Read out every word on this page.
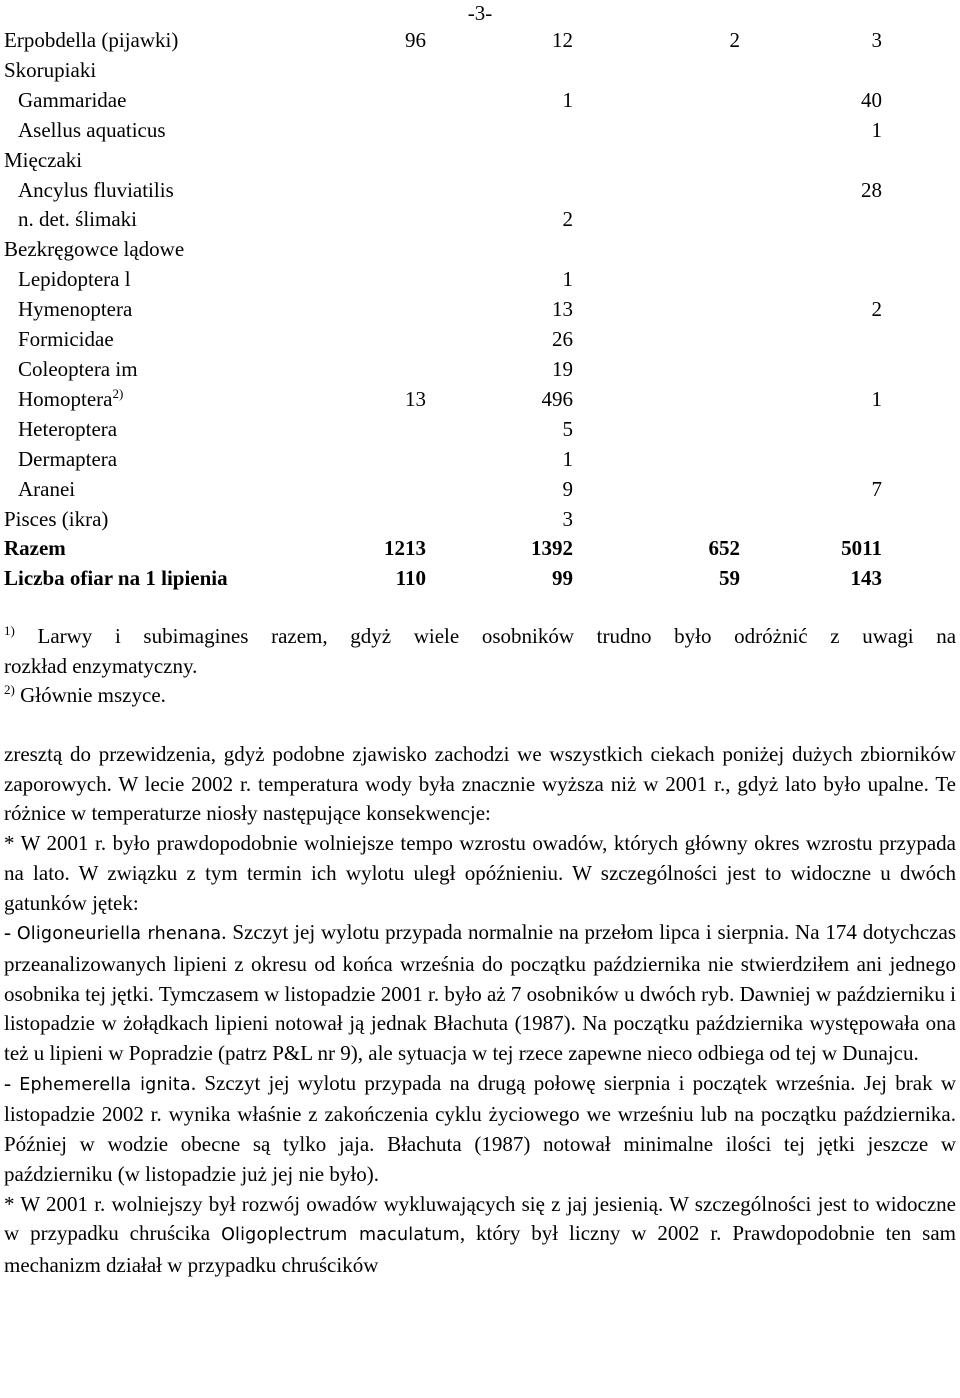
-3-
Erpobdella (pijawki)	96	12	2	3
Skorupiaki				
Gammaridae		1		40
Asellus aquaticus				1
Mięczaki				
Ancylus fluviatilis				28
n. det. ślimaki		2		
Bezkręgowce lądowe				
Lepidoptera l		1		
Hymenoptera		13		2
Formicidae		26		
Coleoptera im		19		
Homoptera$^{2)}$	13	496		1
Heteroptera		5		
Dermaptera		1		
Aranei		9		7
Pisces (ikra)		3		
Razem	1213	1392	652	5011
Liczba ofiar na 1 lipienia	110	99	59	143

$^{1)}$ Larwy i subimagines razem, gdyż wiele osobników trudno było odróżnić z uwagi na

rozkład enzymatyczny.

$^{2)}$ Głównie mszyce.

zresztą do przewidzenia, gdyż podobne zjawisko zachodzi we wszystkich ciekach poniżej dużych zbiorników zaporowych. W lecie 2002 r. temperatura wody była znacznie wyższa niż w 2001 r., gdyż lato było upalne. Te różnice w temperaturze niosły następujące konsekwencje:

* W 2001 r. było prawdopodobnie wolniejsze tempo wzrostu owadów, których główny okres wzrostu przypada na lato. W związku z tym termin ich wylotu uległ opóźnieniu. W szczególności jest to widoczne u dwóch gatunków jętek:

- Oligoneuriella rhenana. Szczyt jej wylotu przypada normalnie na przełom lipca i sierpnia. Na 174 dotychczas przeanalizowanych lipieni z okresu od końca września do początku października nie stwierdziłem ani jednego osobnika tej jętki. Tymczasem w listopadzie 2001 r. było aż 7 osobników u dwóch ryb. Dawniej w październiku i listopadzie w żołądkach lipieni notował ją jednak Błachuta (1987). Na początku października występowała ona też u lipieni w Popradzie (patrz P&L nr 9), ale sytuacja w tej rzece zapewne nieco odbiega od tej w Dunajcu.

- Ephemerella ignita. Szczyt jej wylotu przypada na drugą połowę sierpnia i początek września. Jej brak w listopadzie 2002 r. wynika właśnie z zakończenia cyklu życiowego we wrześniu lub na początku października. Później w wodzie obecne są tylko jaja. Błachuta (1987) notował minimalne ilości tej jętki jeszcze w październiku (w listopadzie już jej nie było).

* W 2001 r. wolniejszy był rozwój owadów wykluwających się z jaj jesienią. W szczególności jest to widoczne w przypadku chruścika Oligoplectrum maculatum, który był liczny w 2002 r. Prawdopodobnie ten sam mechanizm działał w przypadku chruścików
